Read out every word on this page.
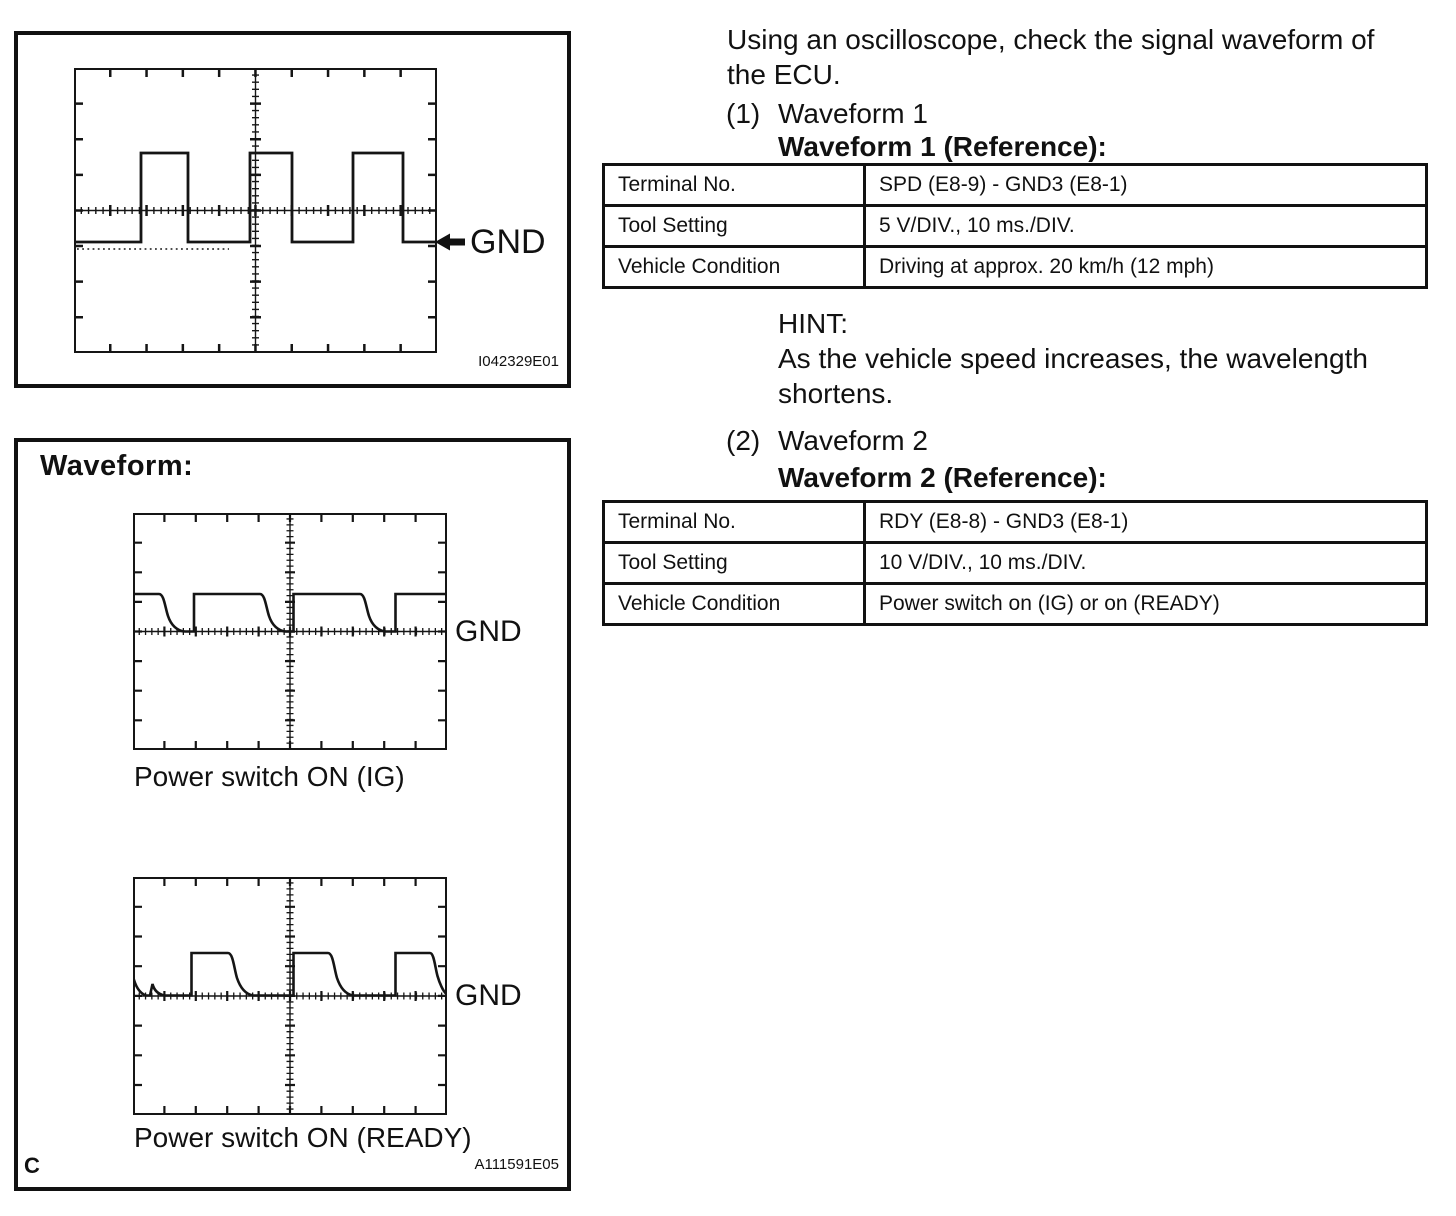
GND
I042329E01
Waveform:
GND
Power switch ON (IG)
GND
Power switch ON (READY)
C	A111591E05
Using an oscilloscope, check the signal waveform of
the ECU.
(1) Waveform 1
Waveform 1 (Reference):
Terminal No.	SPD (E8-9) - GND3 (E8-1)
Tool Setting	5 V/DIV., 10 ms./DIV.
Vehicle Condition	Driving at approx. 20 km/h (12 mph)
HINT:
As the vehicle speed increases, the wavelength
shortens.
(2) Waveform 2
Waveform 2 (Reference):
Terminal No.	RDY (E8-8) - GND3 (E8-1)
Tool Setting	10 V/DIV., 10 ms./DIV.
Vehicle Condition	Power switch on (IG) or on (READY)
